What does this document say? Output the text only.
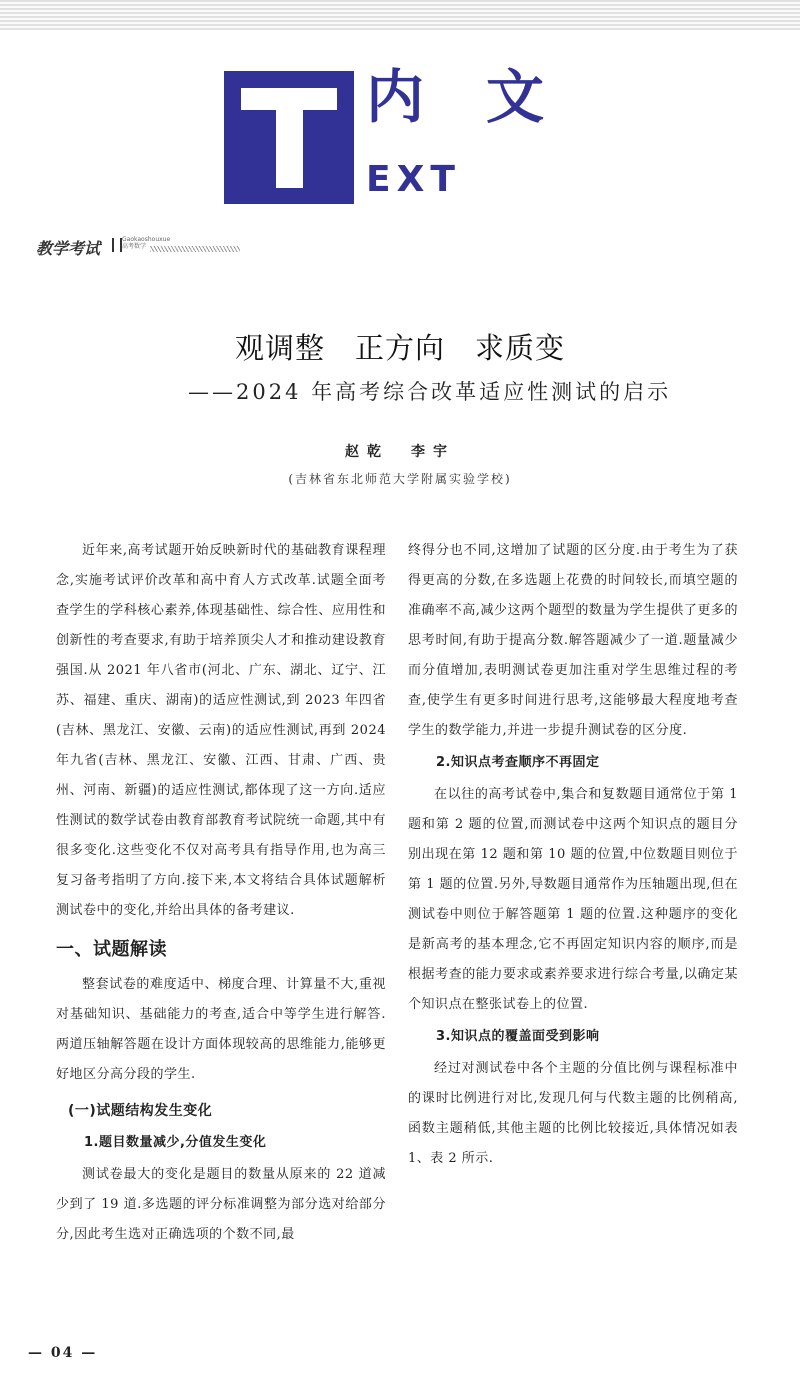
内文
EXT
教学考试	Gaokaoshouxue
高考数学
观调整　正方向　求质变
——2024 年高考综合改革适应性测试的启示
赵乾　李宇
(吉林省东北师范大学附属实验学校)

近年来,高考试题开始反映新时代的基础教育课程理念,实施考试评价改革和高中育人方式改革.试题全面考查学生的学科核心素养,体现基础性、综合性、应用性和创新性的考查要求,有助于培养顶尖人才和推动建设教育强国.从 2021 年八省市(河北、广东、湖北、辽宁、江苏、福建、重庆、湖南)的适应性测试,到 2023 年四省(吉林、黑龙江、安徽、云南)的适应性测试,再到 2024 年九省(吉林、黑龙江、安徽、江西、甘肃、广西、贵州、河南、新疆)的适应性测试,都体现了这一方向.适应性测试的数学试卷由教育部教育考试院统一命题,其中有很多变化.这些变化不仅对高考具有指导作用,也为高三复习备考指明了方向.接下来,本文将结合具体试题解析测试卷中的变化,并给出具体的备考建议.

一、试题解读

整套试卷的难度适中、梯度合理、计算量不大,重视对基础知识、基础能力的考查,适合中等学生进行解答.两道压轴解答题在设计方面体现较高的思维能力,能够更好地区分高分段的学生.

(一)试题结构发生变化
1.题目数量减少,分值发生变化

测试卷最大的变化是题目的数量从原来的 22 道减少到了 19 道.多选题的评分标准调整为部分选对给部分分,因此考生选对正确选项的个数不同,最

终得分也不同,这增加了试题的区分度.由于考生为了获得更高的分数,在多选题上花费的时间较长,而填空题的准确率不高,减少这两个题型的数量为学生提供了更多的思考时间,有助于提高分数.解答题减少了一道.题量减少而分值增加,表明测试卷更加注重对学生思维过程的考查,使学生有更多时间进行思考,这能够最大程度地考查学生的数学能力,并进一步提升测试卷的区分度.

2.知识点考查顺序不再固定

在以往的高考试卷中,集合和复数题目通常位于第 1 题和第 2 题的位置,而测试卷中这两个知识点的题目分别出现在第 12 题和第 10 题的位置,中位数题目则位于第 1 题的位置.另外,导数题目通常作为压轴题出现,但在测试卷中则位于解答题第 1 题的位置.这种题序的变化是新高考的基本理念,它不再固定知识内容的顺序,而是根据考查的能力要求或素养要求进行综合考量,以确定某个知识点在整张试卷上的位置.

3.知识点的覆盖面受到影响

经过对测试卷中各个主题的分值比例与课程标准中的课时比例进行对比,发现几何与代数主题的比例稍高,函数主题稍低,其他主题的比例比较接近,具体情况如表 1、表 2 所示.

— 04 —
